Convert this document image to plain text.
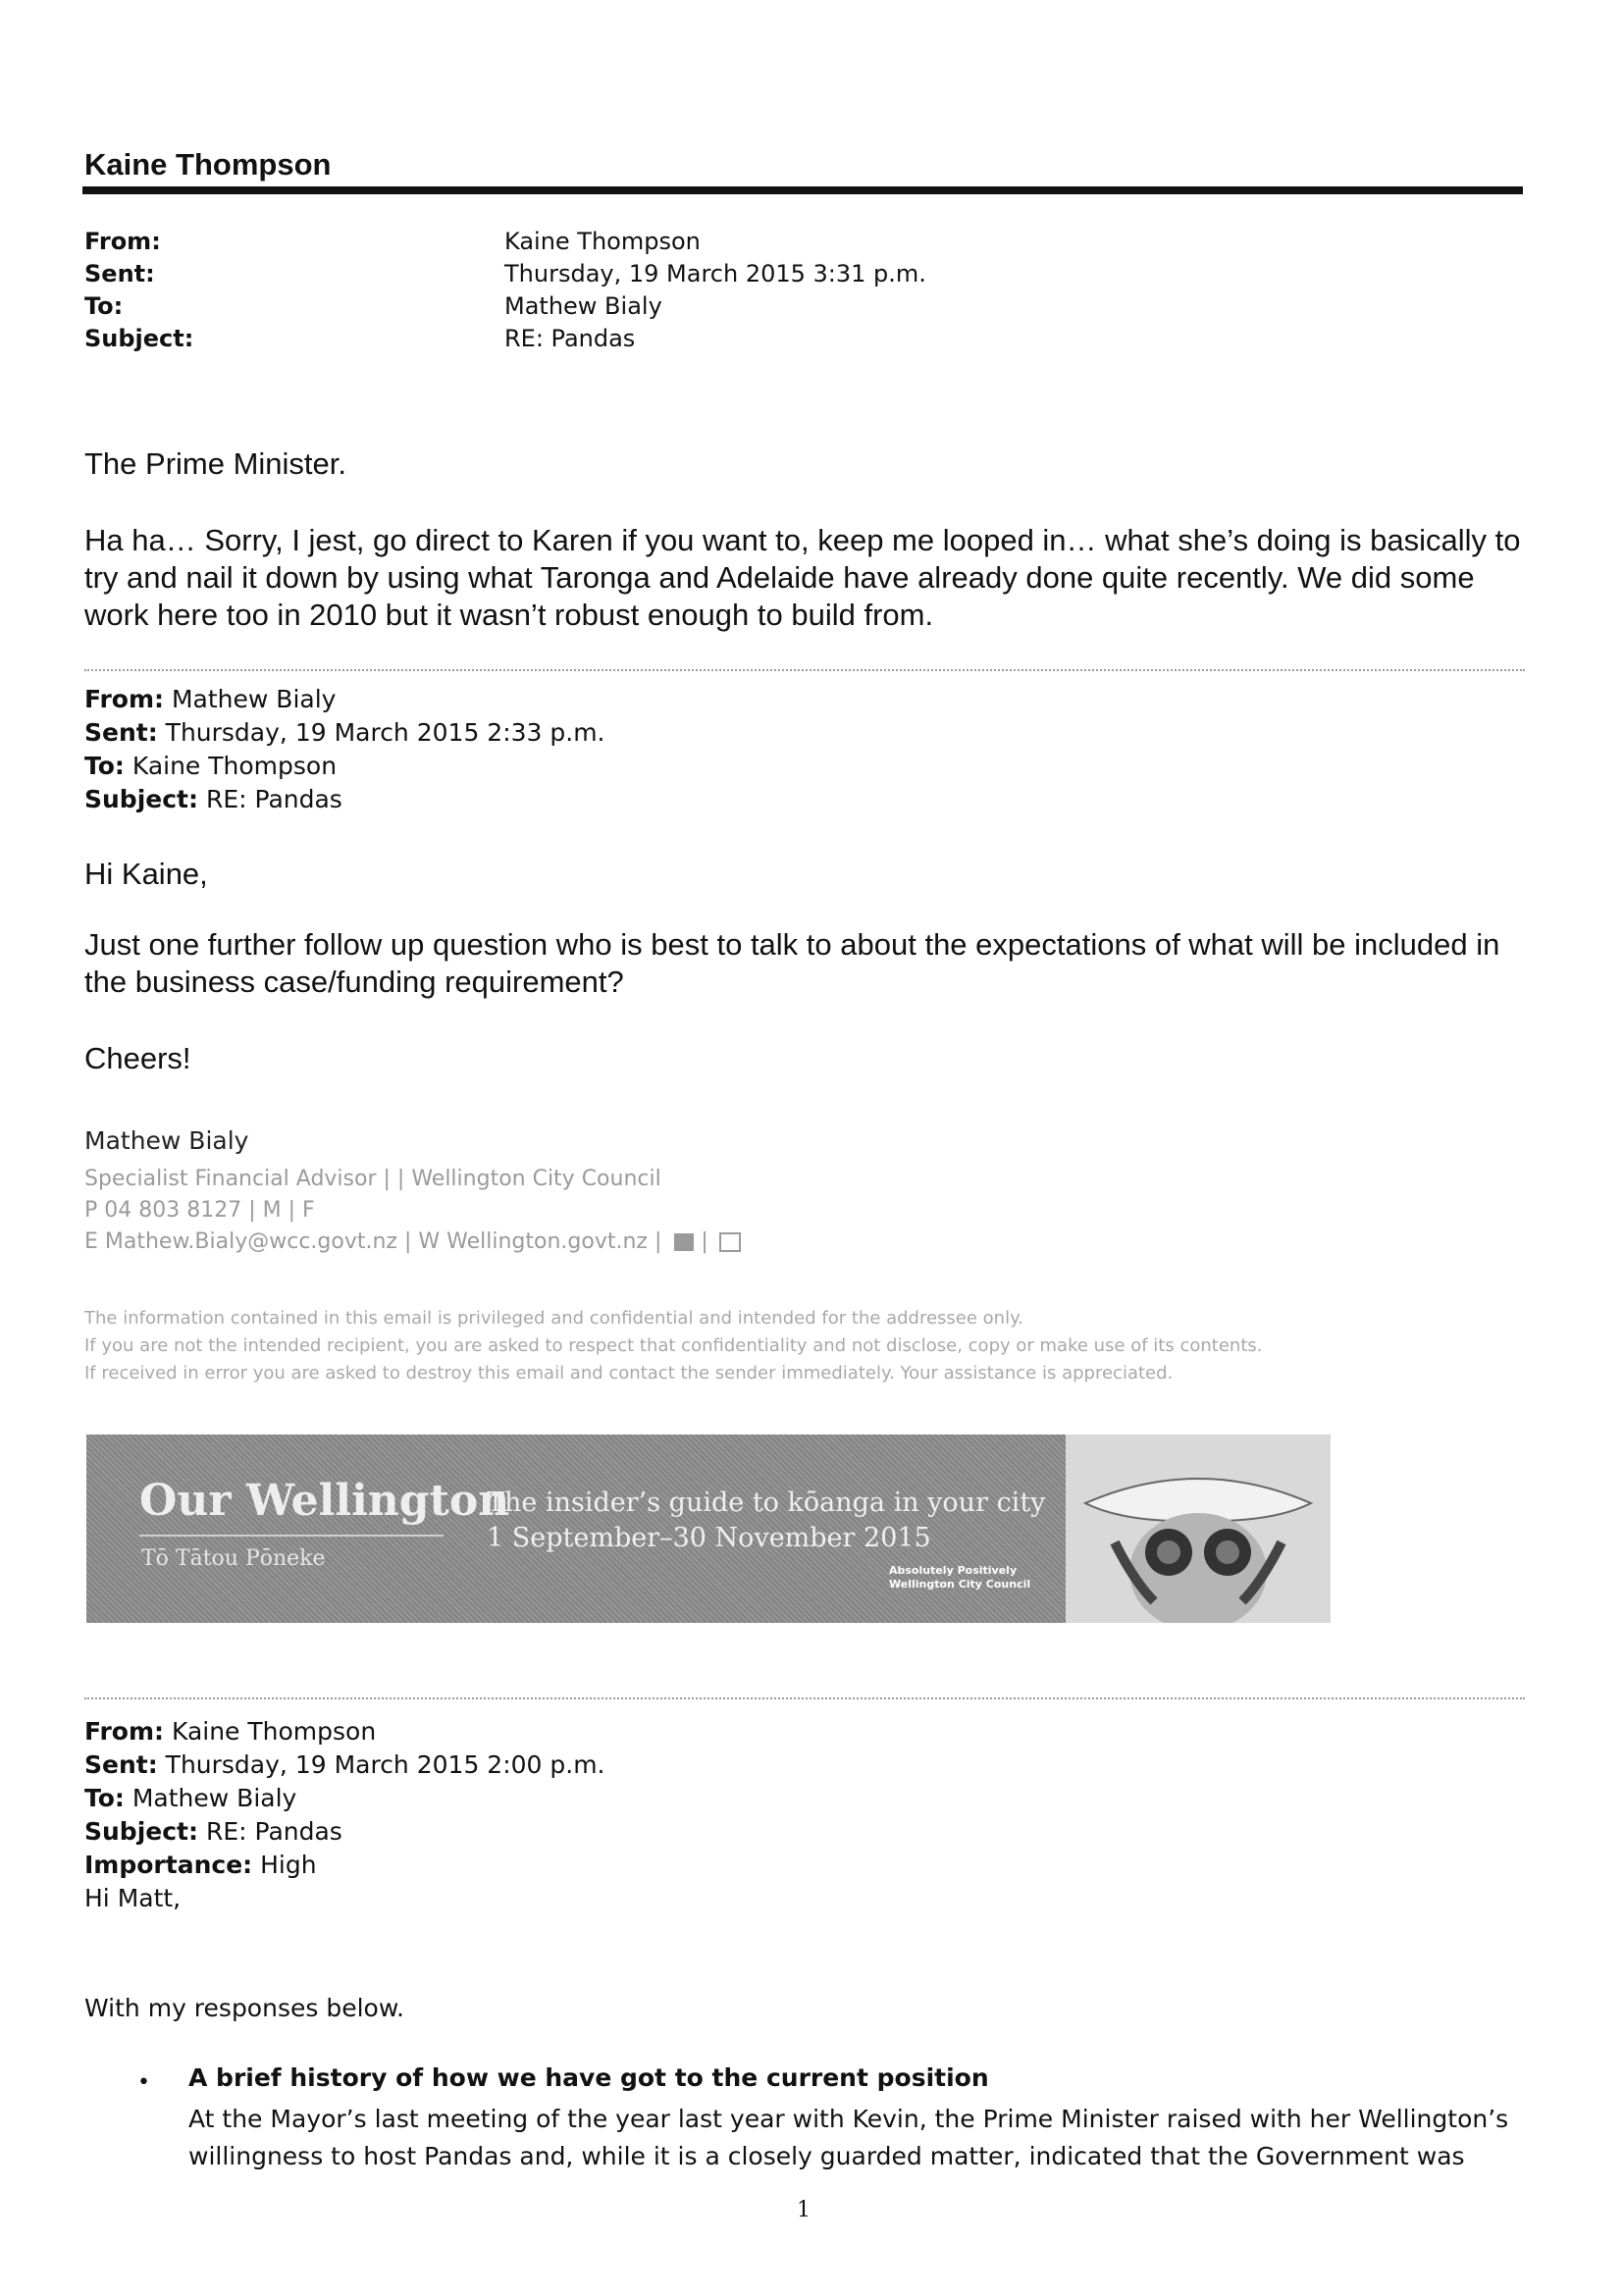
Kaine Thompson
From:	Kaine Thompson
Sent:	Thursday, 19 March 2015 3:31 p.m.
To:	Mathew Bialy
Subject:	RE: Pandas
The Prime Minister.
Ha ha… Sorry, I jest, go direct to Karen if you want to, keep me looped in… what she’s doing is basically to try and nail it down by using what Taronga and Adelaide have already done quite recently. We did some work here too in 2010 but it wasn’t robust enough to build from.
From: Mathew Bialy
Sent: Thursday, 19 March 2015 2:33 p.m.
To: Kaine Thompson
Subject: RE: Pandas
Hi Kaine,
Just one further follow up question who is best to talk to about the expectations of what will be included in the business case/funding requirement?
Cheers!
Mathew Bialy
Specialist Financial Advisor | | Wellington City Council
P 04 803 8127 | M | F
E Mathew.Bialy@wcc.govt.nz | W Wellington.govt.nz | |
The information contained in this email is privileged and confidential and intended for the addressee only.
If you are not the intended recipient, you are asked to respect that confidentiality and not disclose, copy or make use of its contents.
If received in error you are asked to destroy this email and contact the sender immediately. Your assistance is appreciated.
Our Wellington
Tō Tātou Pōneke
The insider’s guide to kōanga in your city
1 September–30 November 2015
Absolutely Positively
Wellington City Council
From: Kaine Thompson
Sent: Thursday, 19 March 2015 2:00 p.m.
To: Mathew Bialy
Subject: RE: Pandas
Importance: High
Hi Matt,
With my responses below.
• A brief history of how we have got to the current position
At the Mayor’s last meeting of the year last year with Kevin, the Prime Minister raised with her Wellington’s willingness to host Pandas and, while it is a closely guarded matter, indicated that the Government was
1
